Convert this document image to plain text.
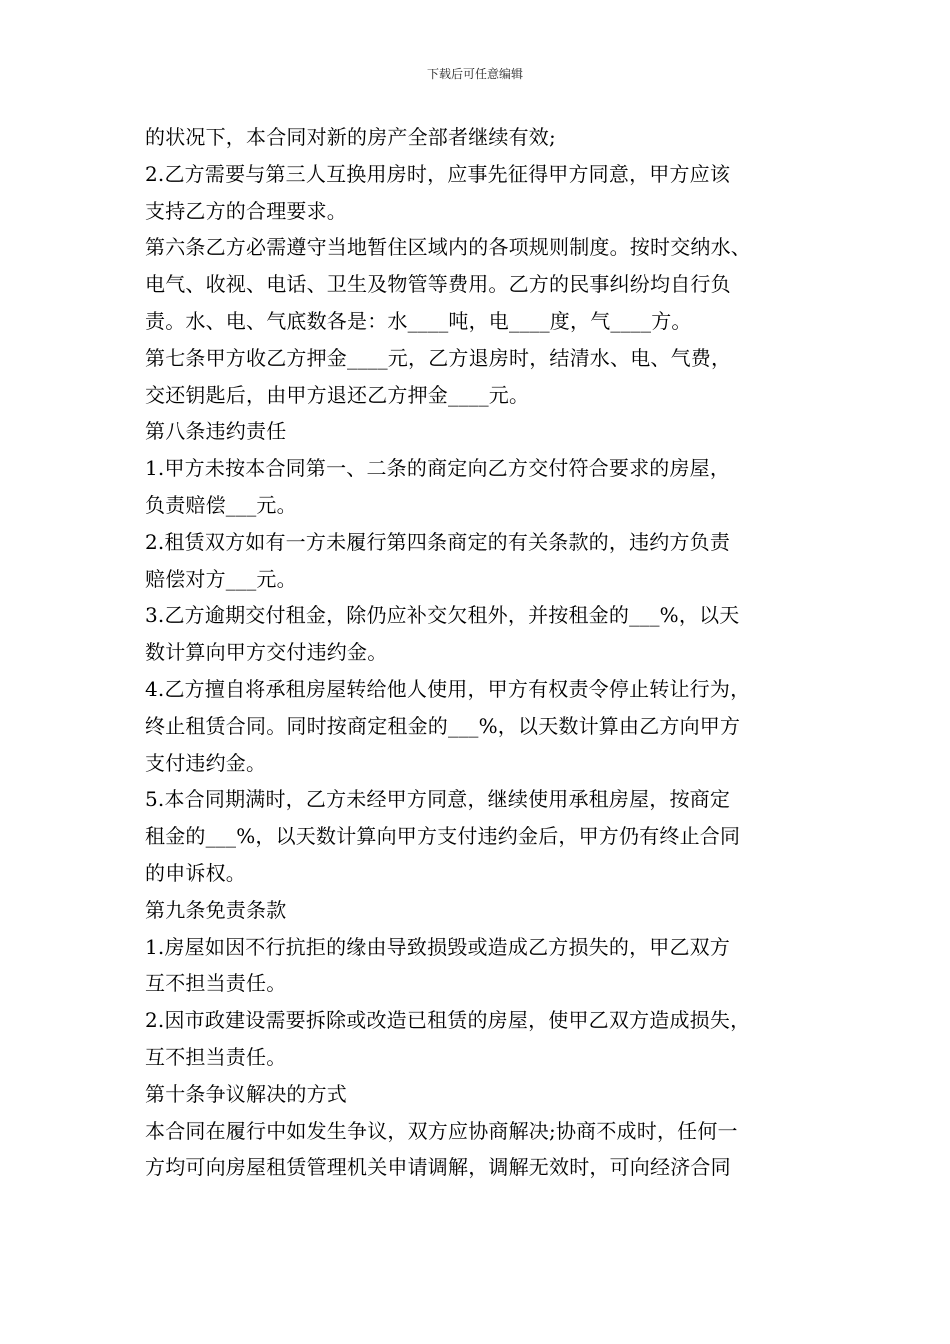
下载后可任意编辑
的状况下，本合同对新的房产全部者继续有效;
2.乙方需要与第三人互换用房时，应事先征得甲方同意，甲方应该
支持乙方的合理要求。
第六条乙方必需遵守当地暂住区域内的各项规则制度。按时交纳水、
电气、收视、电话、卫生及物管等费用。乙方的民事纠纷均自行负
责。水、电、气底数各是：水____吨，电____度，气____方。
第七条甲方收乙方押金____元，乙方退房时，结清水、电、气费，
交还钥匙后，由甲方退还乙方押金____元。
第八条违约责任
1.甲方未按本合同第一、二条的商定向乙方交付符合要求的房屋，
负责赔偿___元。
2.租赁双方如有一方未履行第四条商定的有关条款的，违约方负责
赔偿对方___元。
3.乙方逾期交付租金，除仍应补交欠租外，并按租金的___%，以天
数计算向甲方交付违约金。
4.乙方擅自将承租房屋转给他人使用，甲方有权责令停止转让行为，
终止租赁合同。同时按商定租金的___%，以天数计算由乙方向甲方
支付违约金。
5.本合同期满时，乙方未经甲方同意，继续使用承租房屋，按商定
租金的___%，以天数计算向甲方支付违约金后，甲方仍有终止合同
的申诉权。
第九条免责条款
1.房屋如因不行抗拒的缘由导致损毁或造成乙方损失的，甲乙双方
互不担当责任。
2.因市政建设需要拆除或改造已租赁的房屋，使甲乙双方造成损失，
互不担当责任。
第十条争议解决的方式
本合同在履行中如发生争议，双方应协商解决;协商不成时，任何一
方均可向房屋租赁管理机关申请调解，调解无效时，可向经济合同
